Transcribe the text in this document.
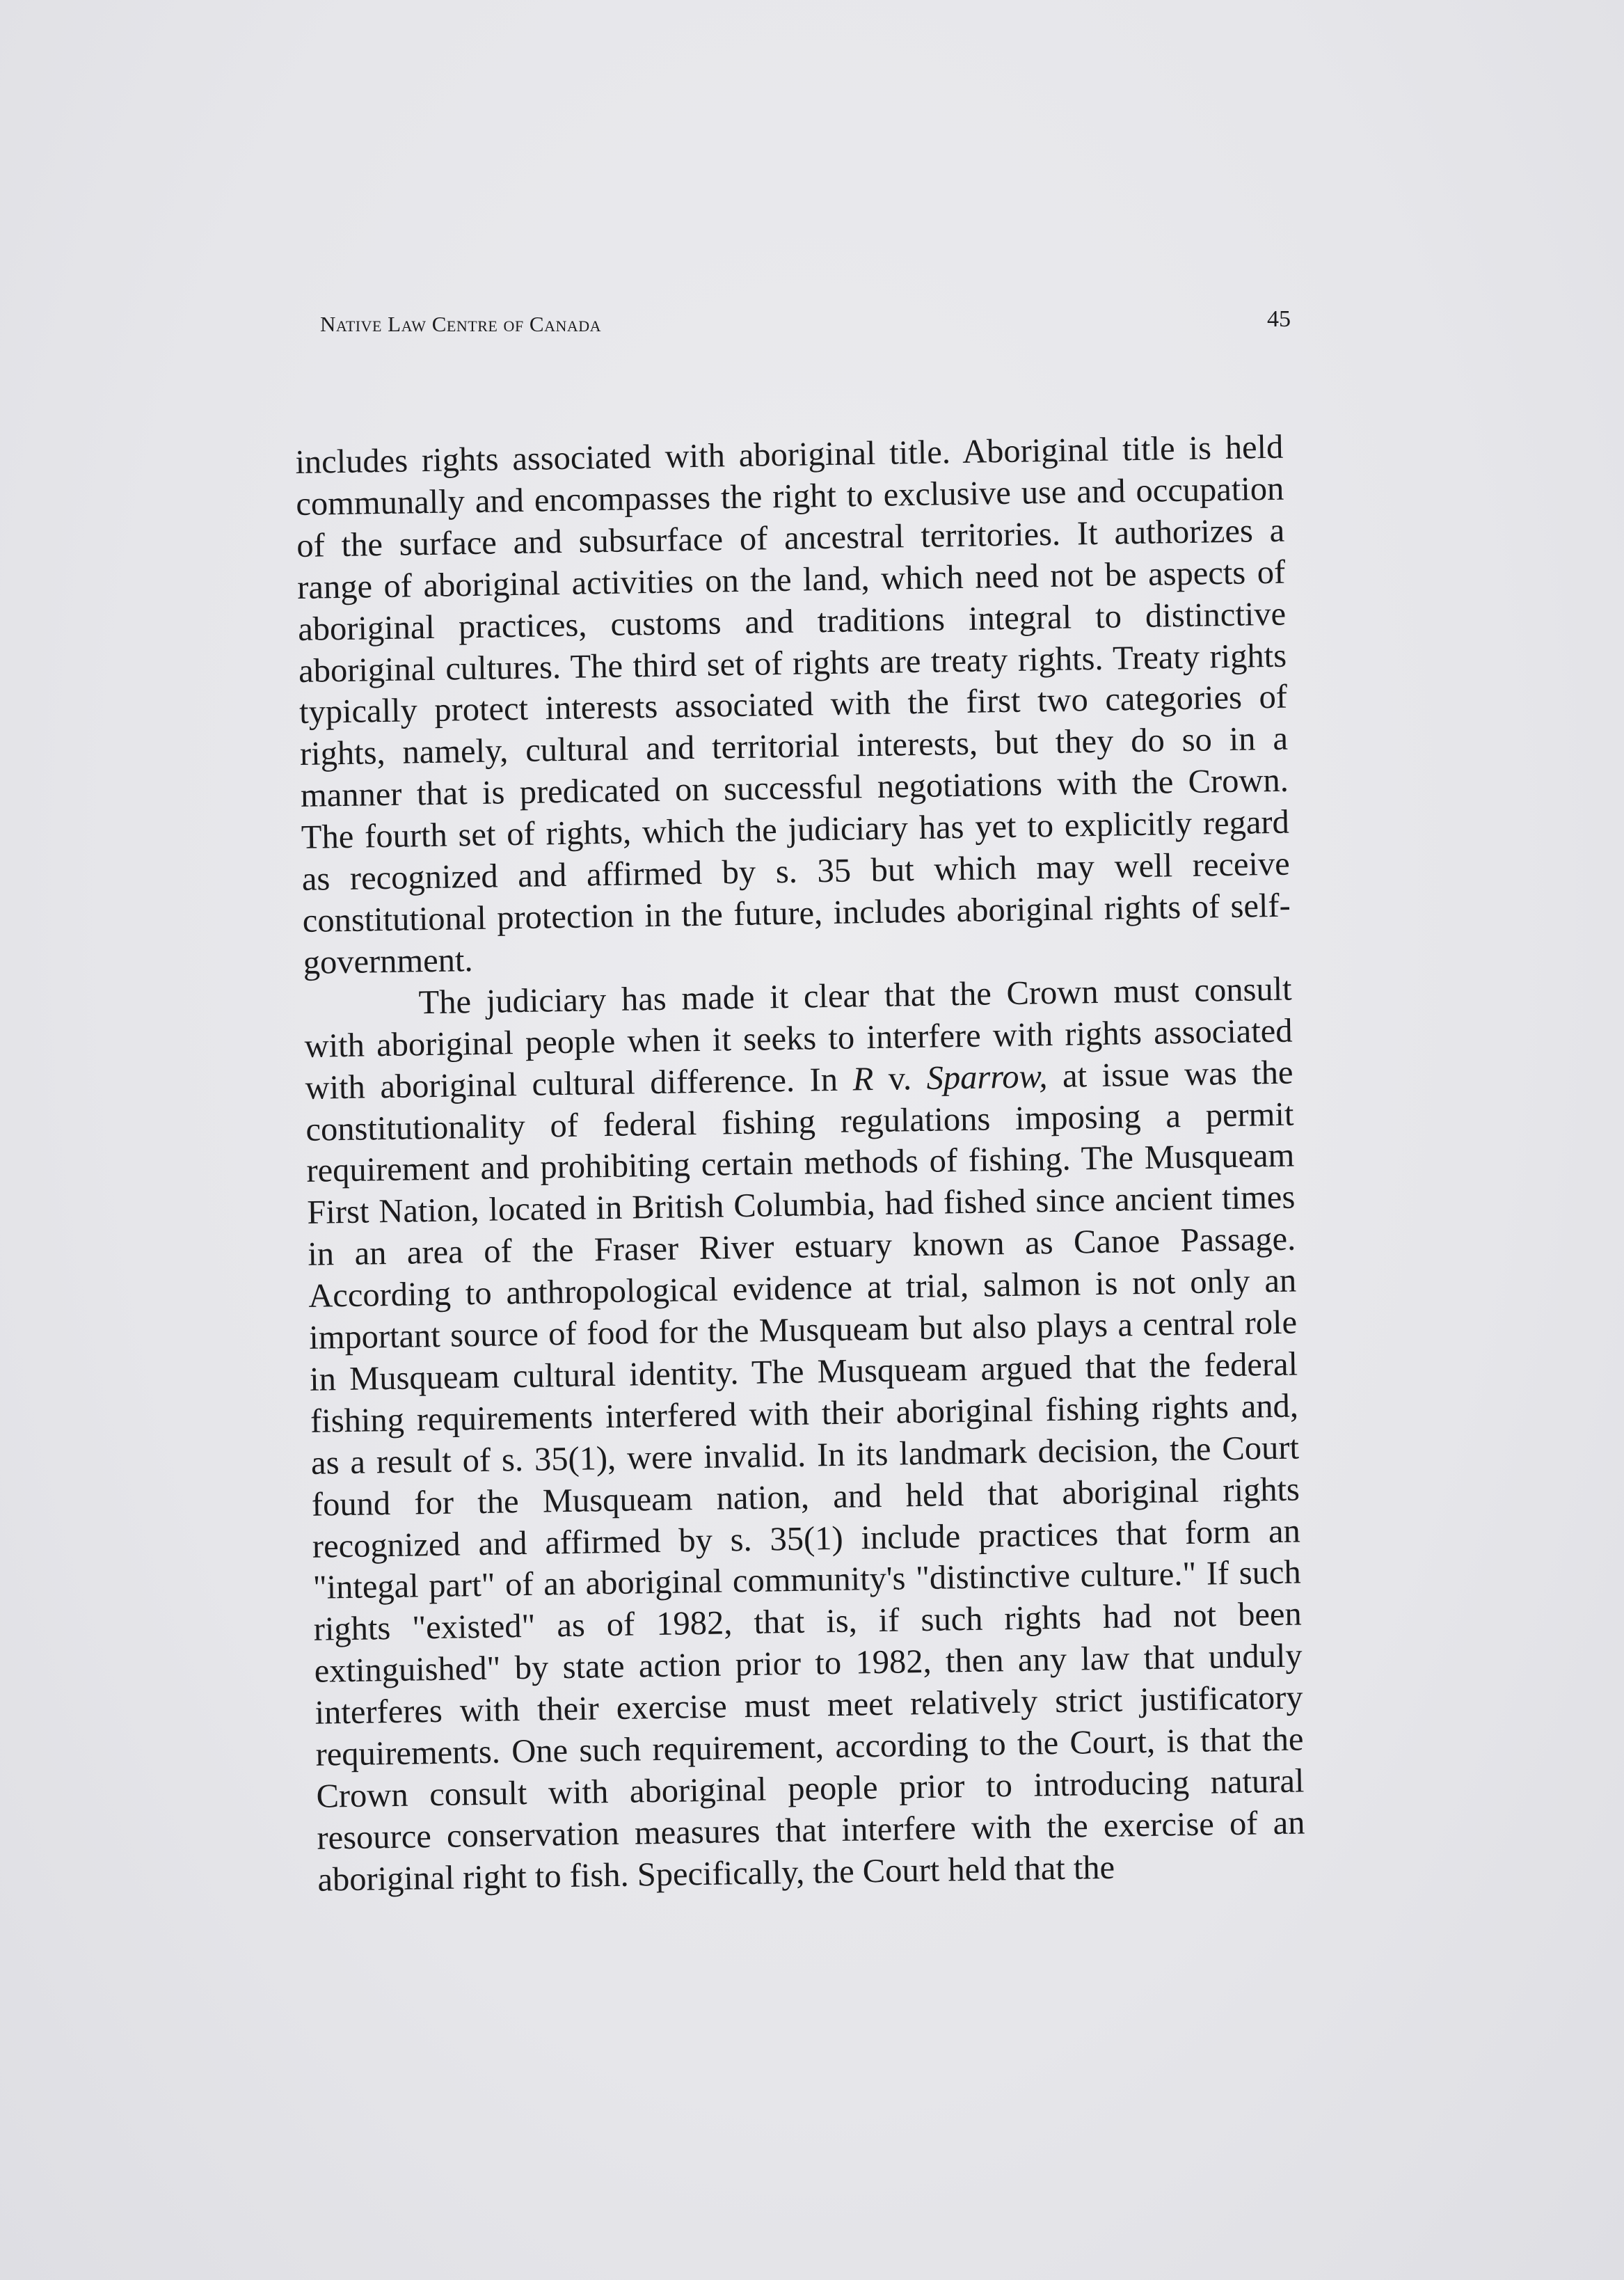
Native Law Centre of Canada	45

includes rights associated with aboriginal title. Aboriginal title is held communally and encompasses the right to exclusive use and occupation of the surface and subsurface of ancestral territories. It authorizes a range of aboriginal activities on the land, which need not be aspects of aboriginal practices, customs and traditions integral to distinctive aboriginal cultures. The third set of rights are treaty rights. Treaty rights typically protect interests associated with the first two categories of rights, namely, cultural and territorial interests, but they do so in a manner that is predicated on successful negotiations with the Crown. The fourth set of rights, which the judiciary has yet to explicitly regard as recognized and affirmed by s. 35 but which may well receive constitutional protection in the future, includes aboriginal rights of self-government.

The judiciary has made it clear that the Crown must consult with aboriginal people when it seeks to interfere with rights associated with aboriginal cultural difference. In R v. Sparrow, at issue was the constitutionality of federal fishing regulations imposing a permit requirement and prohibiting certain methods of fishing. The Musqueam First Nation, located in British Columbia, had fished since ancient times in an area of the Fraser River estuary known as Canoe Passage. According to anthropological evidence at trial, salmon is not only an important source of food for the Musqueam but also plays a central role in Musqueam cultural identity. The Musqueam argued that the federal fishing requirements interfered with their aboriginal fishing rights and, as a result of s. 35(1), were invalid. In its landmark decision, the Court found for the Musqueam nation, and held that aboriginal rights recognized and affirmed by s. 35(1) include practices that form an "integal part" of an aboriginal community's "distinctive culture." If such rights "existed" as of 1982, that is, if such rights had not been extinguished" by state action prior to 1982, then any law that unduly interferes with their exercise must meet relatively strict justificatory requirements. One such requirement, according to the Court, is that the Crown consult with aboriginal people prior to introducing natural resource conservation measures that interfere with the exercise of an aboriginal right to fish. Specifically, the Court held that the
